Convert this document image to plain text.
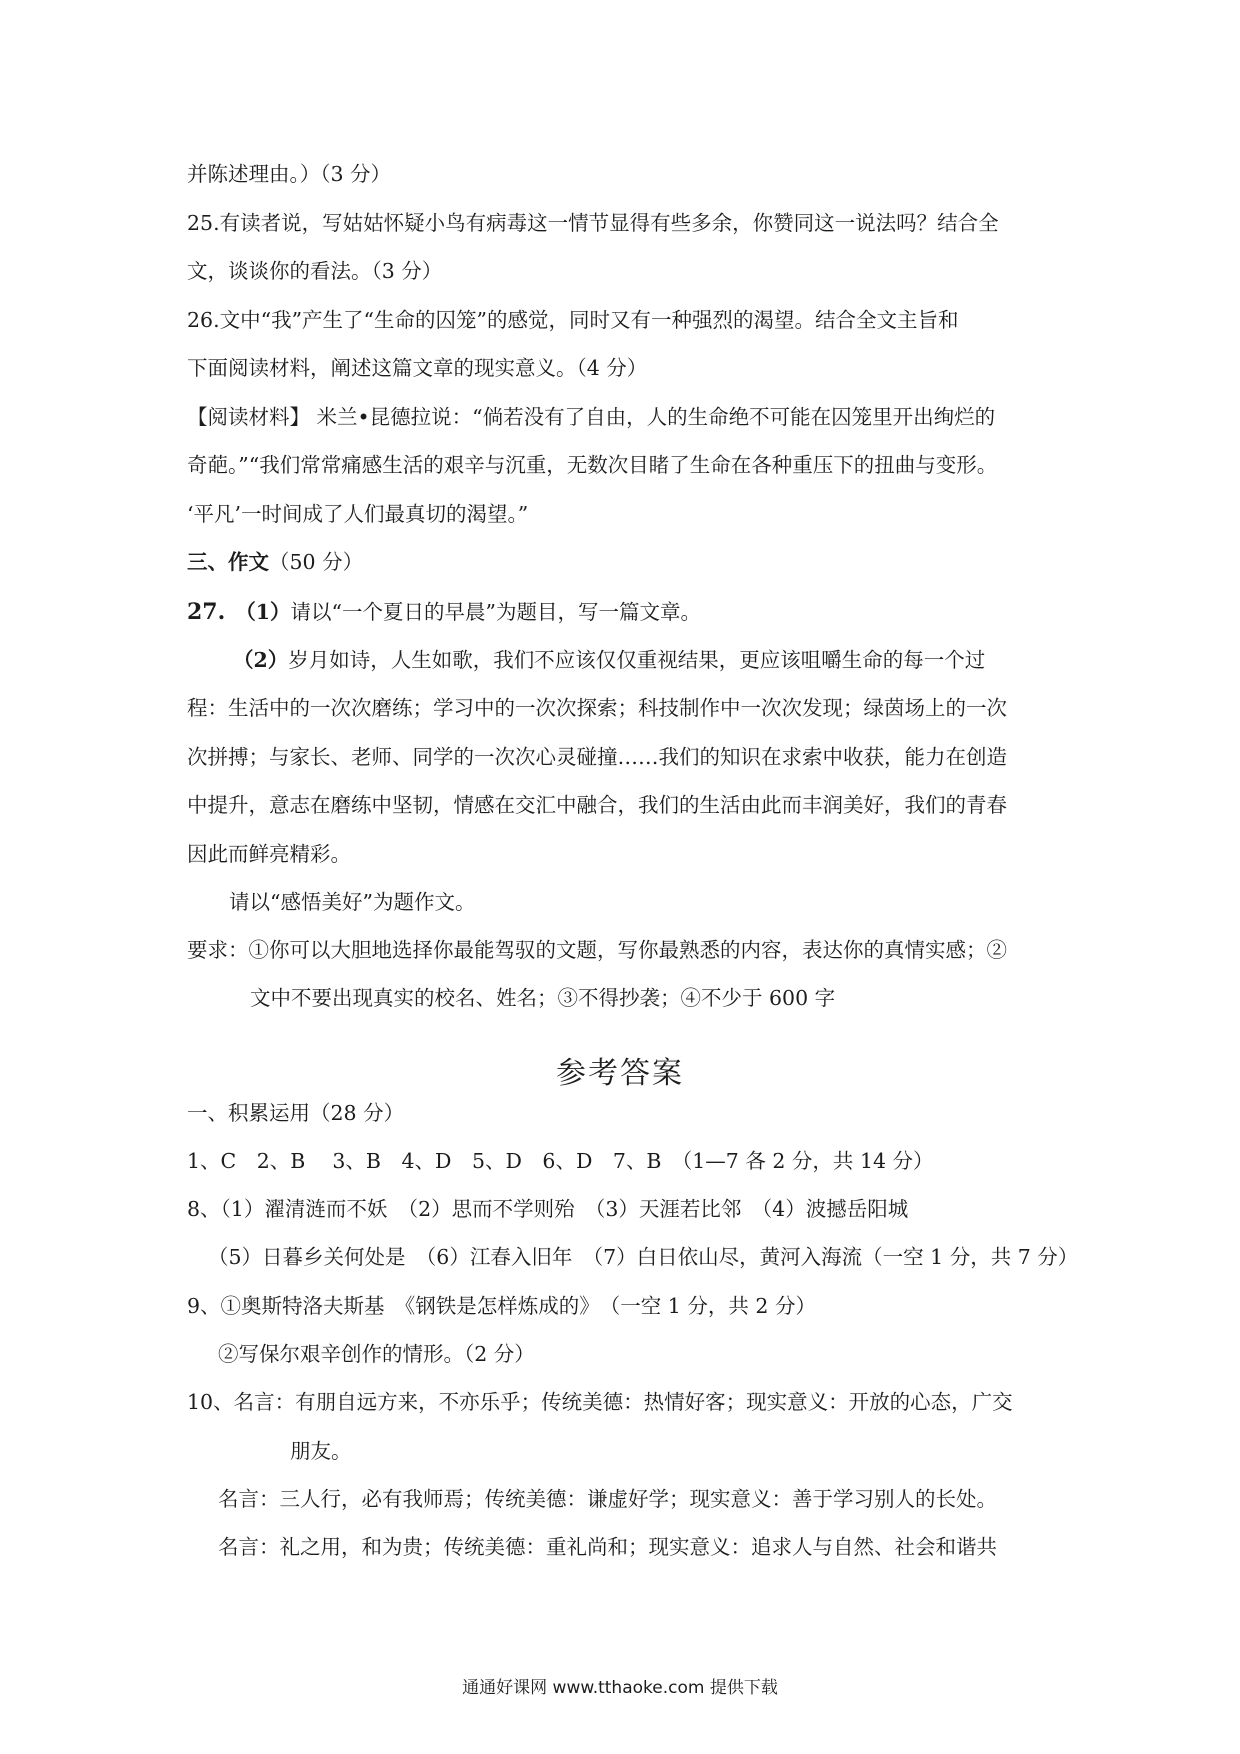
并陈述理由。）（3 分）
25.有读者说，写姑姑怀疑小鸟有病毒这一情节显得有些多余，你赞同这一说法吗？结合全
文，谈谈你的看法。（3 分）
26.文中“我”产生了“生命的囚笼”的感觉，同时又有一种强烈的渴望。结合全文主旨和
下面阅读材料，阐述这篇文章的现实意义。（4 分）
【阅读材料】 米兰•昆德拉说：“倘若没有了自由，人的生命绝不可能在囚笼里开出绚烂的
奇葩。”“我们常常痛感生活的艰辛与沉重，无数次目睹了生命在各种重压下的扭曲与变形。
‘平凡’一时间成了人们最真切的渴望。”
三、作文（50 分）
27. （1）请以“一个夏日的早晨”为题目，写一篇文章。
（2）岁月如诗，人生如歌，我们不应该仅仅重视结果，更应该咀嚼生命的每一个过
程：生活中的一次次磨练；学习中的一次次探索；科技制作中一次次发现；绿茵场上的一次
次拼搏；与家长、老师、同学的一次次心灵碰撞……我们的知识在求索中收获，能力在创造
中提升，意志在磨练中坚韧，情感在交汇中融合，我们的生活由此而丰润美好，我们的青春
因此而鲜亮精彩。
请以“感悟美好”为题作文。
要求：①你可以大胆地选择你最能驾驭的文题，写你最熟悉的内容，表达你的真情实感；②
文中不要出现真实的校名、姓名；③不得抄袭；④不少于 600 字
参考答案
一、积累运用（28 分）
1、C　2、B　 3、B　4、D　5、D　6、D　7、B　（1—7 各 2 分，共 14 分）
8、（1）濯清涟而不妖　（2）思而不学则殆　（3）天涯若比邻　（4）波撼岳阳城
（5）日暮乡关何处是　（6）江春入旧年　（7）白日依山尽，黄河入海流（一空 1 分，共 7 分）
9、①奥斯特洛夫斯基　《钢铁是怎样炼成的》　（一空 1 分，共 2 分）
②写保尔艰辛创作的情形。（2 分）
10、名言：有朋自远方来，不亦乐乎；传统美德：热情好客；现实意义：开放的心态，广交
朋友。
名言：三人行，必有我师焉；传统美德：谦虚好学；现实意义：善于学习别人的长处。
名言：礼之用，和为贵；传统美德：重礼尚和；现实意义：追求人与自然、社会和谐共
通通好课网 www.tthaoke.com 提供下载
